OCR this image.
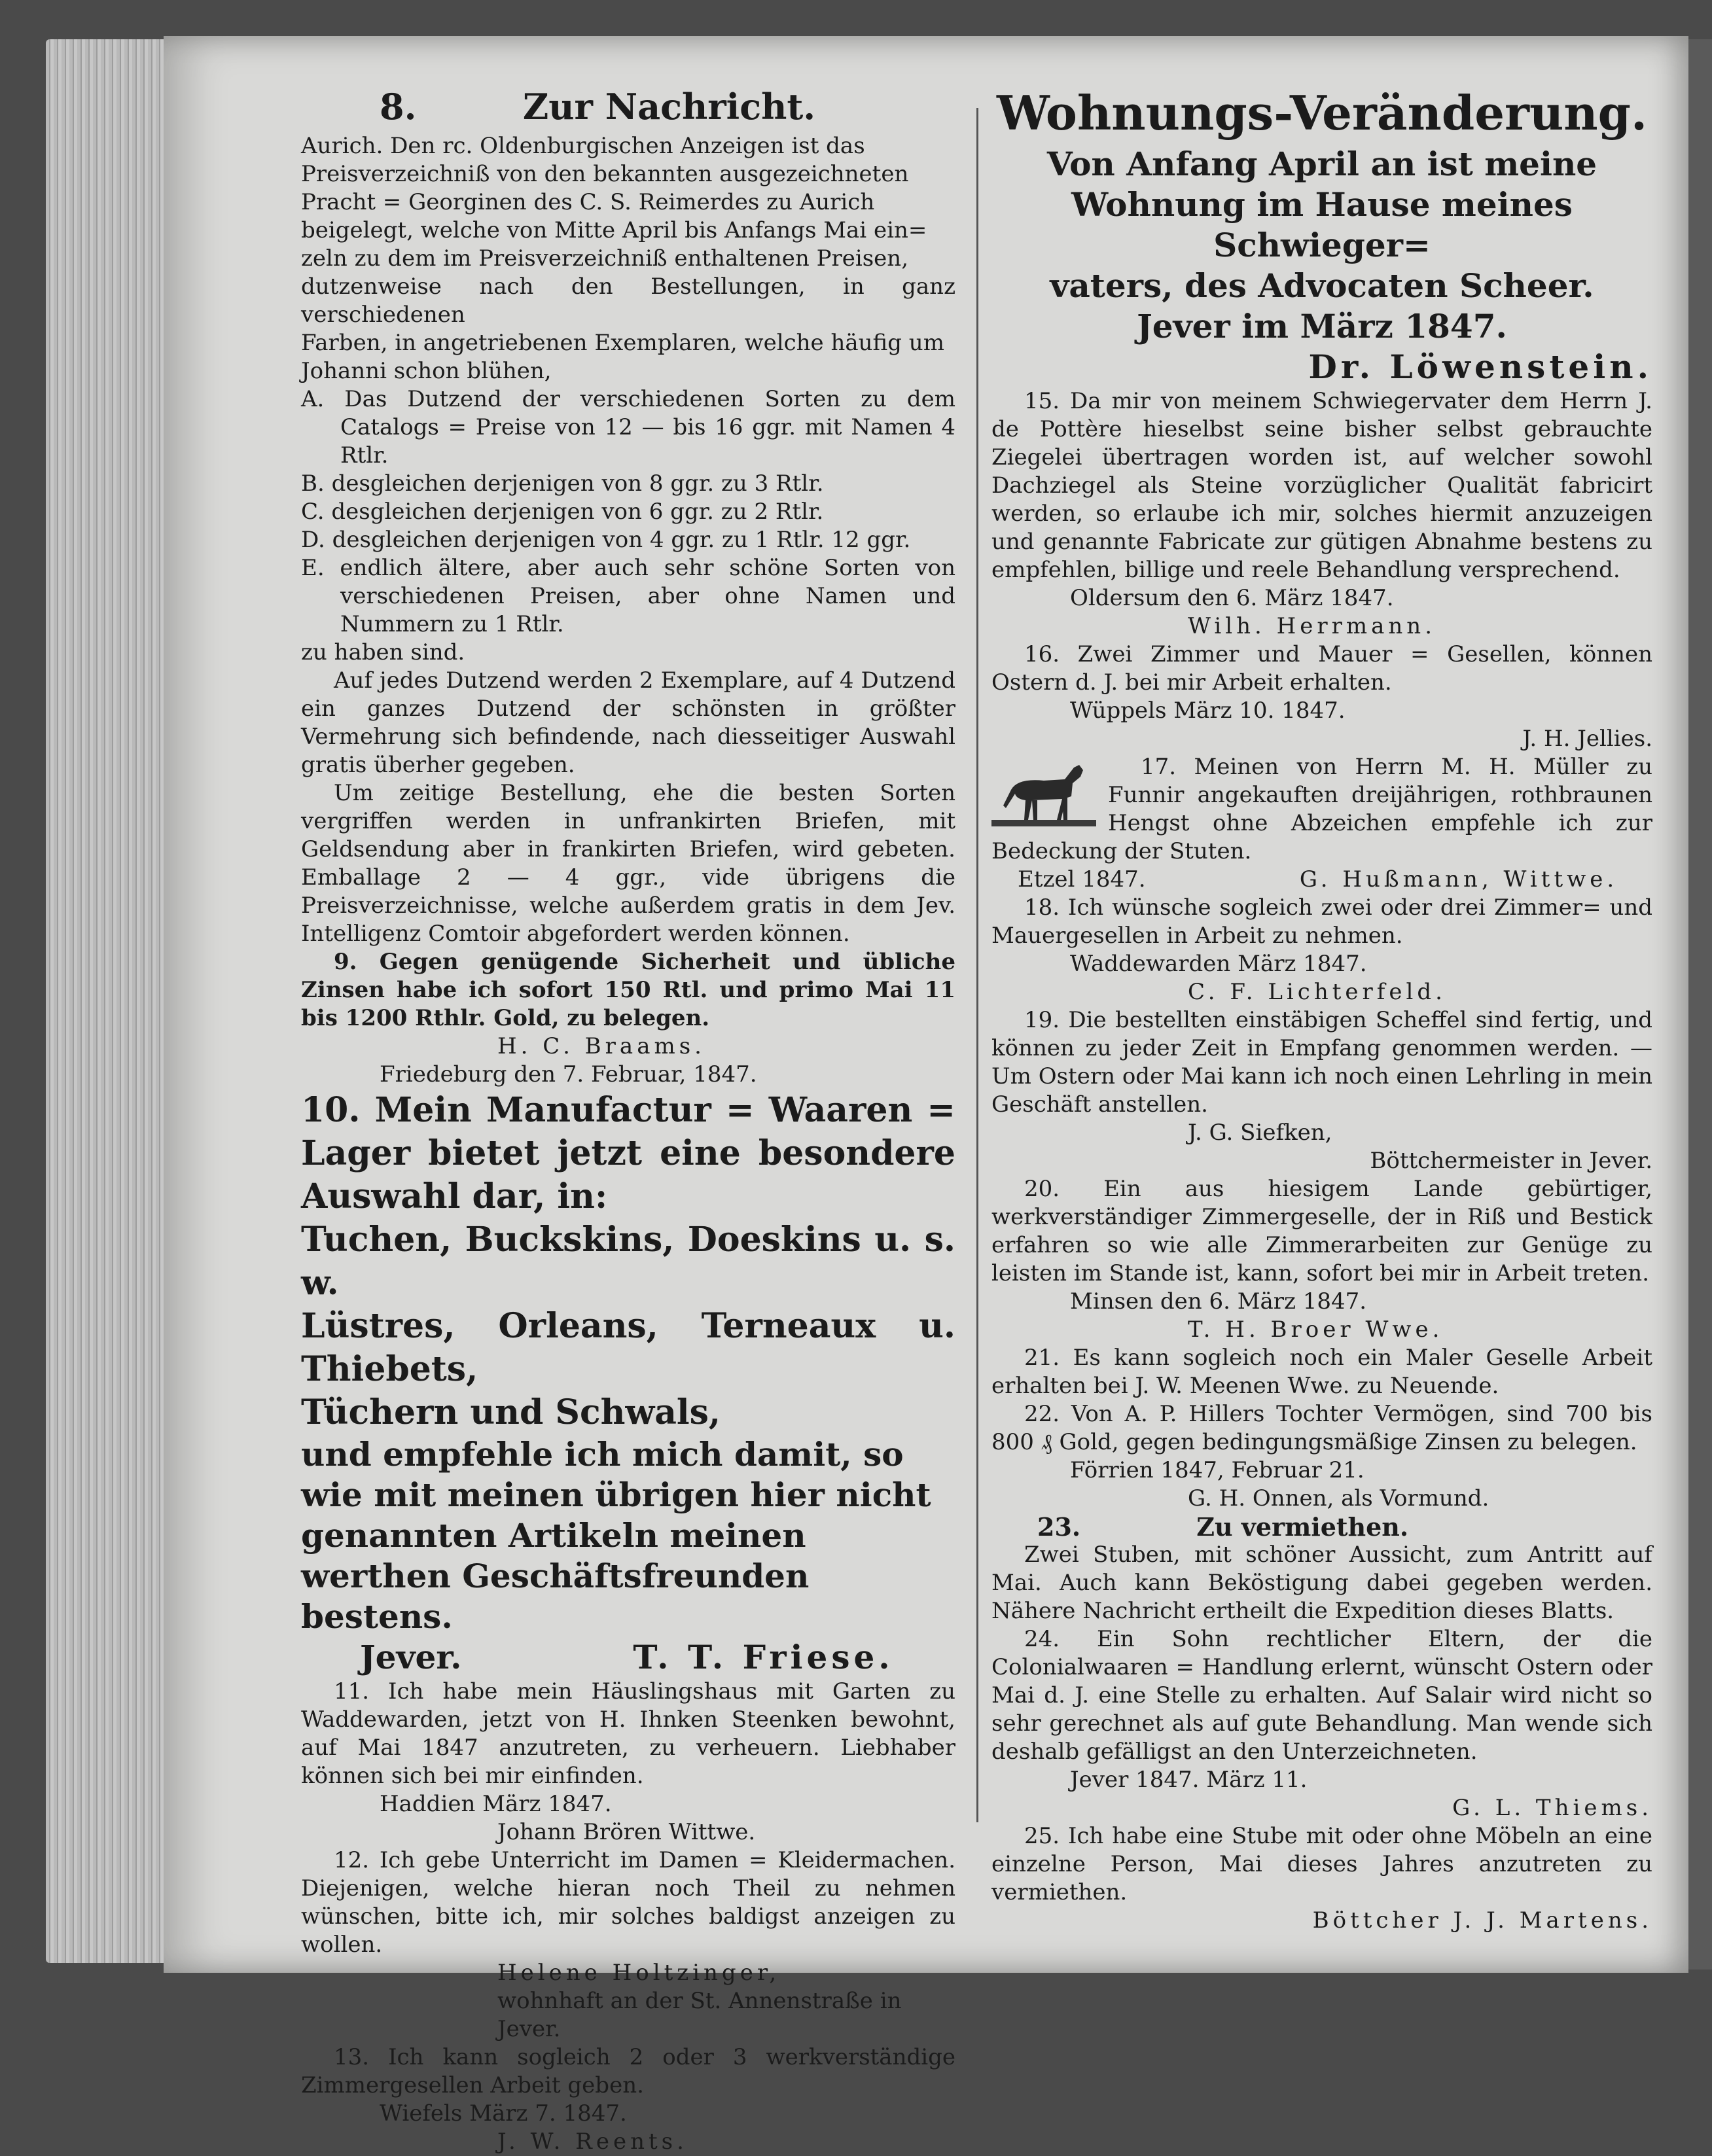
8.	Zur Nachricht.

Aurich. Den rc. Oldenburgischen Anzeigen ist das

Preisverzeichniß von den bekannten ausgezeichneten

Pracht = Georginen des C. S. Reimerdes zu Aurich

beigelegt, welche von Mitte April bis Anfangs Mai ein=

zeln zu dem im Preisverzeichniß enthaltenen Preisen,

dutzenweise nach den Bestellungen, in ganz verschiedenen

Farben, in angetriebenen Exemplaren, welche häufig um

Johanni schon blühen,

A. Das Dutzend der verschiedenen Sorten zu dem Catalogs = Preise von 12 — bis 16 ggr. mit Namen 4 Rtlr.

B. desgleichen derjenigen von 8 ggr. zu 3 Rtlr.

C. desgleichen derjenigen von 6 ggr. zu 2 Rtlr.

D. desgleichen derjenigen von 4 ggr. zu 1 Rtlr. 12 ggr.

E. endlich ältere, aber auch sehr schöne Sorten von verschiedenen Preisen, aber ohne Namen und Nummern zu 1 Rtlr.

zu haben sind.

Auf jedes Dutzend werden 2 Exemplare, auf 4 Dutzend ein ganzes Dutzend der schönsten in größter Vermehrung sich befindende, nach diesseitiger Auswahl gratis überher gegeben.

Um zeitige Bestellung, ehe die besten Sorten vergriffen werden in unfrankirten Briefen, mit Geldsendung aber in frankirten Briefen, wird gebeten. Emballage 2 — 4 ggr., vide übrigens die Preisverzeichnisse, welche außerdem gratis in dem Jev. Intelligenz Comtoir abgefordert werden können.

9. Gegen genügende Sicherheit und übliche Zinsen habe ich sofort 150 Rtl. und primo Mai 11 bis 1200 Rthlr. Gold, zu belegen.

H. C. Braams.

Friedeburg den 7. Februar, 1847.

10. Mein Manufactur = Waaren = Lager bietet jetzt eine besondere Auswahl dar, in:

Tuchen, Buckskins, Doeskins u. s. w.

Lüstres, Orleans, Terneaux u. Thiebets,

Tüchern und Schwals,

und empfehle ich mich damit, so wie mit meinen übrigen hier nicht genannten Artikeln meinen werthen Geschäftsfreunden bestens.

Jever.	T. T. Friese.

11. Ich habe mein Häuslingshaus mit Garten zu Waddewarden, jetzt von H. Ihnken Steenken bewohnt, auf Mai 1847 anzutreten, zu verheuern. Liebhaber können sich bei mir einfinden.

Haddien März 1847.

Johann Brören Wittwe.

12. Ich gebe Unterricht im Damen = Kleidermachen. Diejenigen, welche hieran noch Theil zu nehmen wünschen, bitte ich, mir solches baldigst anzeigen zu wollen.

Helene Holtzinger,

wohnhaft an der St. Annenstraße in Jever.

13. Ich kann sogleich 2 oder 3 werkverständige Zimmergesellen Arbeit geben.

Wiefels März 7. 1847.

J. W. Reents.

Wohnungs-Veränderung.

Von Anfang April an ist meine

Wohnung im Hause meines Schwieger=

vaters, des Advocaten Scheer.

Jever im März 1847.

Dr. Löwenstein.

15. Da mir von meinem Schwiegervater dem Herrn J. de Pottère hieselbst seine bisher selbst gebrauchte Ziegelei übertragen worden ist, auf welcher sowohl Dachziegel als Steine vorzüglicher Qualität fabricirt werden, so erlaube ich mir, solches hiermit anzuzeigen und genannte Fabricate zur gütigen Abnahme bestens zu empfehlen, billige und reele Behandlung versprechend.

Oldersum den 6. März 1847.

Wilh. Herrmann.

16. Zwei Zimmer und Mauer = Gesellen, können Ostern d. J. bei mir Arbeit erhalten.

Wüppels März 10. 1847.

J. H. Jellies.

17. Meinen von Herrn M. H. Müller zu Funnir angekauften dreijährigen, rothbraunen Hengst ohne Abzeichen empfehle ich zur Bedeckung der Stuten.

Etzel 1847.	G. Hußmann, Wittwe.

18. Ich wünsche sogleich zwei oder drei Zimmer= und Mauergesellen in Arbeit zu nehmen.

Waddewarden März 1847.

C. F. Lichterfeld.

19. Die bestellten einstäbigen Scheffel sind fertig, und können zu jeder Zeit in Empfang genommen werden. — Um Ostern oder Mai kann ich noch einen Lehrling in mein Geschäft anstellen.

J. G. Siefken,

Böttchermeister in Jever.

20. Ein aus hiesigem Lande gebürtiger, werkverständiger Zimmergeselle, der in Riß und Bestick erfahren so wie alle Zimmerarbeiten zur Genüge zu leisten im Stande ist, kann, sofort bei mir in Arbeit treten.

Minsen den 6. März 1847.

T. H. Broer Wwe.

21. Es kann sogleich noch ein Maler Geselle Arbeit erhalten bei J. W. Meenen Wwe. zu Neuende.

22. Von A. P. Hillers Tochter Vermögen, sind 700 bis 800 ₰ Gold, gegen bedingungsmäßige Zinsen zu belegen.

Förrien 1847, Februar 21.

G. H. Onnen, als Vormund.

23.	Zu vermiethen.

Zwei Stuben, mit schöner Aussicht, zum Antritt auf Mai. Auch kann Beköstigung dabei gegeben werden. Nähere Nachricht ertheilt die Expedition dieses Blatts.

24. Ein Sohn rechtlicher Eltern, der die Colonialwaaren = Handlung erlernt, wünscht Ostern oder Mai d. J. eine Stelle zu erhalten. Auf Salair wird nicht so sehr gerechnet als auf gute Behandlung. Man wende sich deshalb gefälligst an den Unterzeichneten.

Jever 1847. März 11.

G. L. Thiems.

25. Ich habe eine Stube mit oder ohne Möbeln an eine einzelne Person, Mai dieses Jahres anzutreten zu vermiethen.

Böttcher J. J. Martens.
